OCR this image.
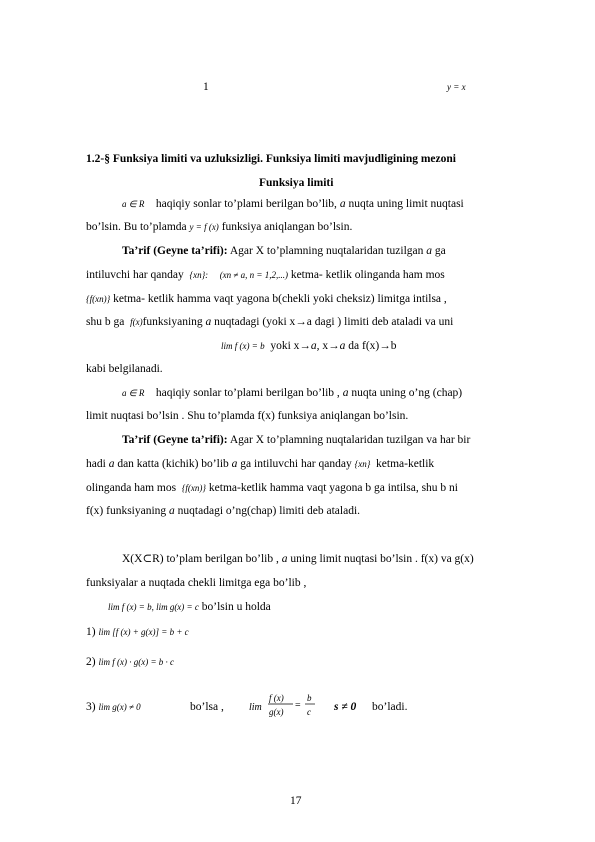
1	y = x
1.2-§ Funksiya limiti va uzluksizligi. Funksiya limiti mavjudligining mezoni
Funksiya limiti
a ∈ R haqiqiy sonlar to’plami berilgan bo’lib, a nuqta uning limit nuqtasi
bo’lsin. Bu to’plamda y = f (x) funksiya aniqlangan bo’lsin.
Ta’rif (Geyne ta’rifi): Agar X to’plamning nuqtalaridan tuzilgan a ga
intiluvchi har qanday {xn}: (xn ≠ a, n = 1,2,...) ketma- ketlik olinganda ham mos
{f(xn)} ketma- ketlik hamma vaqt yagona b(chekli yoki cheksiz) limitga intilsa ,
shu b ga f(x)funksiyaning a nuqtadagi (yoki x→a dagi ) limiti deb ataladi va uni
lim f (x) = b yoki x→a, x→a da f(x)→b
kabi belgilanadi.
a ∈ R haqiqiy sonlar to’plami berilgan bo’lib , a nuqta uning o’ng (chap)
limit nuqtasi bo’lsin . Shu to’plamda f(x) funksiya aniqlangan bo’lsin.
Ta’rif (Geyne ta’rifi): Agar X to’plamning nuqtalaridan tuzilgan va har bir
hadi a dan katta (kichik) bo’lib a ga intiluvchi har qanday {xn} ketma-ketlik
olinganda ham mos {f(xn)} ketma-ketlik hamma vaqt yagona b ga intilsa, shu b ni
f(x) funksiyaning a nuqtadagi o’ng(chap) limiti deb ataladi.
X(X⊂R) to’plam berilgan bo’lib , a uning limit nuqtasi bo’lsin . f(x) va g(x)
funksiyalar a nuqtada chekli limitga ega bo’lib ,
lim f (x) = b, lim g(x) = c bo’lsin u holda
1) lim [f (x) + g(x)] = b + c
2) lim f (x) · g(x) = b · c
3) lim g(x) ≠ 0	bo’lsa ,	lim
f (x)
g(x)
=
b
c s ≠ 0 bo’ladi.
17
